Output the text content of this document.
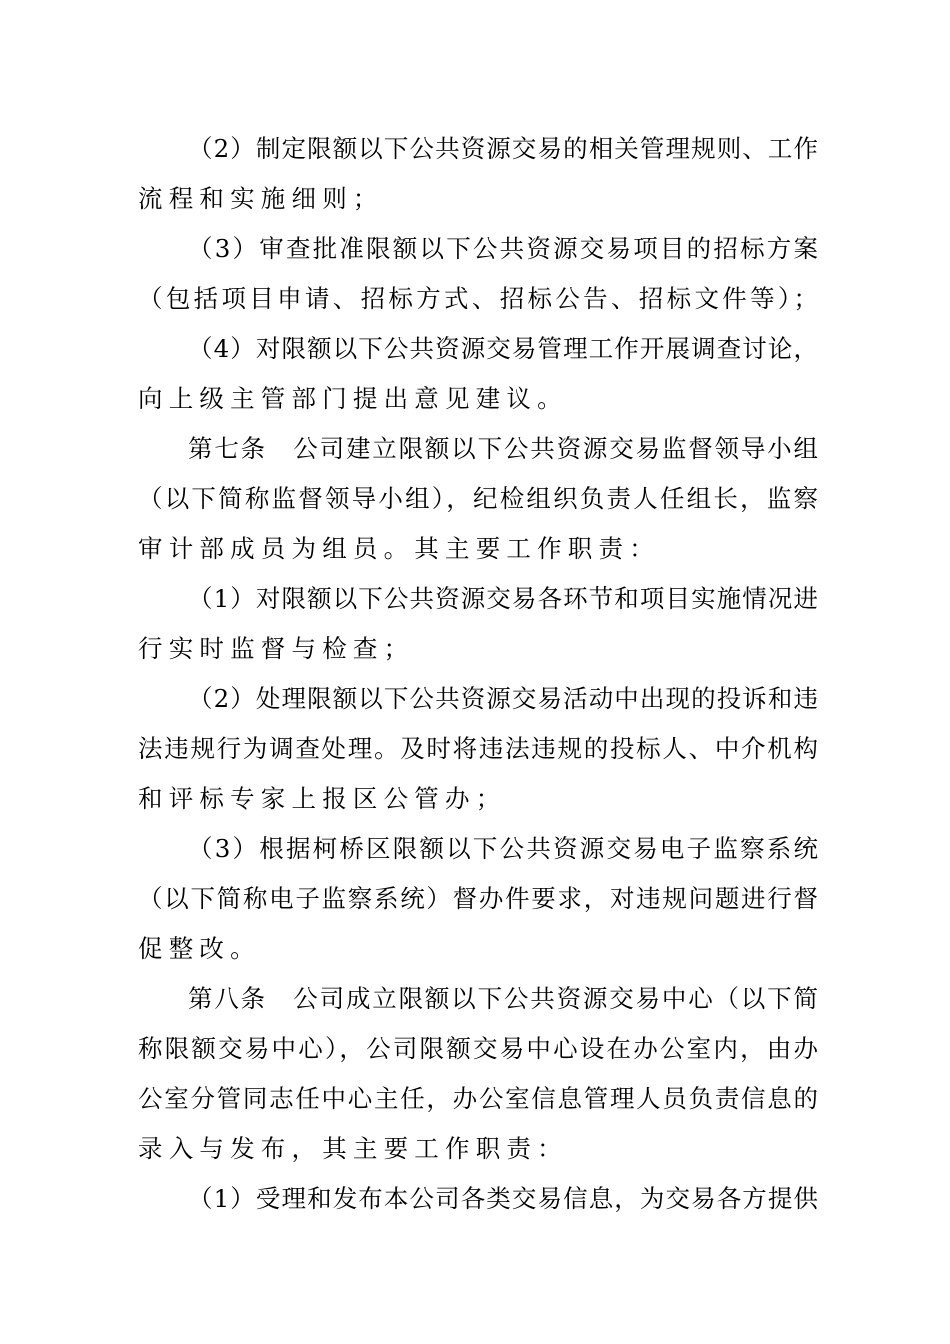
（2）制定限额以下公共资源交易的相关管理规则、工作
流程和实施细则；
（3）审查批准限额以下公共资源交易项目的招标方案
（包括项目申请、招标方式、招标公告、招标文件等）；
（4）对限额以下公共资源交易管理工作开展调查讨论，
向上级主管部门提出意见建议。
第七条　公司建立限额以下公共资源交易监督领导小组
（以下简称监督领导小组），纪检组织负责人任组长，监察
审计部成员为组员。其主要工作职责：
（1）对限额以下公共资源交易各环节和项目实施情况进
行实时监督与检查；
（2）处理限额以下公共资源交易活动中出现的投诉和违
法违规行为调查处理。及时将违法违规的投标人、中介机构
和评标专家上报区公管办；
（3）根据柯桥区限额以下公共资源交易电子监察系统
（以下简称电子监察系统）督办件要求，对违规问题进行督
促整改。
第八条　公司成立限额以下公共资源交易中心（以下简
称限额交易中心），公司限额交易中心设在办公室内，由办
公室分管同志任中心主任，办公室信息管理人员负责信息的
录入与发布，其主要工作职责：
（1）受理和发布本公司各类交易信息，为交易各方提供
